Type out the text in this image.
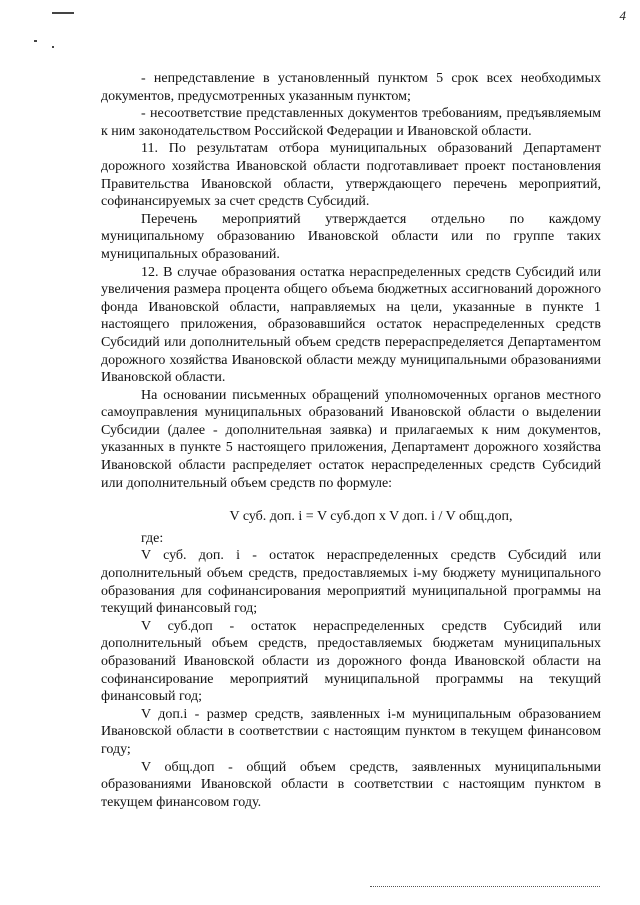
4

- непредставление в установленный пунктом 5 срок всех необходимых документов, предусмотренных указанным пунктом;

- несоответствие представленных документов требованиям, предъявляемым к ним законодательством Российской Федерации и Ивановской области.

11. По результатам отбора муниципальных образований Департамент дорожного хозяйства Ивановской области подготавливает проект постановления Правительства Ивановской области, утверждающего перечень мероприятий, софинансируемых за счет средств Субсидий.

Перечень мероприятий утверждается отдельно по каждому муниципальному образованию Ивановской области или по группе таких муниципальных образований.

12. В случае образования остатка нераспределенных средств Субсидий или увеличения размера процента общего объема бюджетных ассигнований дорожного фонда Ивановской области, направляемых на цели, указанные в пункте 1 настоящего приложения, образовавшийся остаток нераспределенных средств Субсидий или дополнительный объем средств перераспределяется Департаментом дорожного хозяйства Ивановской области между муниципальными образованиями Ивановской области.

На основании письменных обращений уполномоченных органов местного самоуправления муниципальных образований Ивановской области о выделении Субсидии (далее - дополнительная заявка) и прилагаемых к ним документов, указанных в пункте 5 настоящего приложения, Департамент дорожного хозяйства Ивановской области распределяет остаток нераспределенных средств Субсидий или дополнительный объем средств по формуле:

V суб. доп. i = V суб.доп x V доп. i / V общ.доп,

где:

V суб. доп. i - остаток нераспределенных средств Субсидий или дополнительный объем средств, предоставляемых i-му бюджету муниципального образования для софинансирования мероприятий муниципальной программы на текущий финансовый год;

V суб.доп - остаток нераспределенных средств Субсидий или дополнительный объем средств, предоставляемых бюджетам муниципальных образований Ивановской области из дорожного фонда Ивановской области на софинансирование мероприятий муниципальной программы на текущий финансовый год;

V доп.i - размер средств, заявленных i-м муниципальным образованием Ивановской области в соответствии с настоящим пунктом в текущем финансовом году;

V общ.доп - общий объем средств, заявленных муниципальными образованиями Ивановской области в соответствии с настоящим пунктом в текущем финансовом году.
